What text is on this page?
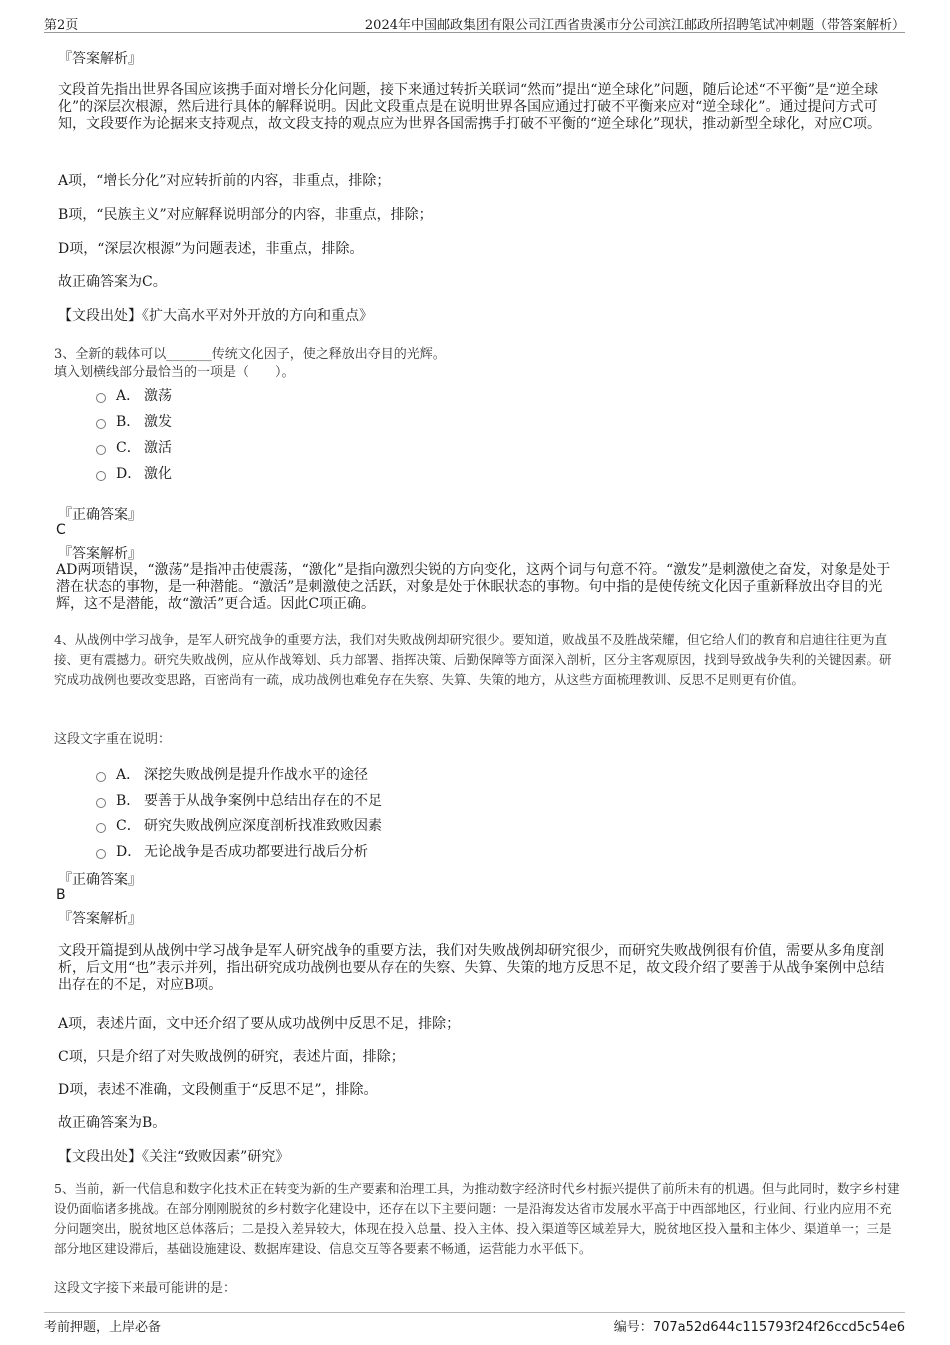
第2页	2024年中国邮政集团有限公司江西省贵溪市分公司滨江邮政所招聘笔试冲刺题（带答案解析）
『答案解析』
文段首先指出世界各国应该携手面对增长分化问题，接下来通过转折关联词“然而”提出“逆全球化”问题，随后论述“不平衡”是“逆全球化”的深层次根源，然后进行具体的解释说明。因此文段重点是在说明世界各国应通过打破不平衡来应对“逆全球化”。通过提问方式可知，文段要作为论据来支持观点，故文段支持的观点应为世界各国需携手打破不平衡的“逆全球化”现状，推动新型全球化，对应C项。
A项，“增长分化”对应转折前的内容，非重点，排除；
B项，“民族主义”对应解释说明部分的内容，非重点，排除；
D项，“深层次根源”为问题表述，非重点，排除。
故正确答案为C。
【文段出处】《扩大高水平对外开放的方向和重点》
3、全新的载体可以_______传统文化因子，使之释放出夺目的光辉。
填入划横线部分最恰当的一项是（　　）。
A． 激荡
B． 激发
C． 激活
D． 激化
『正确答案』
C
『答案解析』
AD两项错误，“激荡”是指冲击使震荡，“激化”是指向激烈尖锐的方向变化，这两个词与句意不符。“激发”是刺激使之奋发，对象是处于潜在状态的事物，是一种潜能。“激活”是刺激使之活跃，对象是处于休眠状态的事物。句中指的是使传统文化因子重新释放出夺目的光辉，这不是潜能，故“激活”更合适。因此C项正确。
4、从战例中学习战争，是军人研究战争的重要方法，我们对失败战例却研究很少。要知道，败战虽不及胜战荣耀，但它给人们的教育和启迪往往更为直接、更有震撼力。研究失败战例，应从作战筹划、兵力部署、指挥决策、后勤保障等方面深入剖析，区分主客观原因，找到导致战争失利的关键因素。研究成功战例也要改变思路，百密尚有一疏，成功战例也难免存在失察、失算、失策的地方，从这些方面梳理教训、反思不足则更有价值。
这段文字重在说明：
A． 深挖失败战例是提升作战水平的途径
B． 要善于从战争案例中总结出存在的不足
C． 研究失败战例应深度剖析找准致败因素
D． 无论战争是否成功都要进行战后分析
『正确答案』
B
『答案解析』
文段开篇提到从战例中学习战争是军人研究战争的重要方法，我们对失败战例却研究很少，而研究失败战例很有价值，需要从多角度剖析，后文用“也”表示并列，指出研究成功战例也要从存在的失察、失算、失策的地方反思不足，故文段介绍了要善于从战争案例中总结出存在的不足，对应B项。
A项，表述片面，文中还介绍了要从成功战例中反思不足，排除；
C项，只是介绍了对失败战例的研究，表述片面，排除；
D项，表述不准确，文段侧重于“反思不足”，排除。
故正确答案为B。
【文段出处】《关注“致败因素”研究》
5、当前，新一代信息和数字化技术正在转变为新的生产要素和治理工具，为推动数字经济时代乡村振兴提供了前所未有的机遇。但与此同时，数字乡村建设仍面临诸多挑战。在部分刚刚脱贫的乡村数字化建设中，还存在以下主要问题：一是沿海发达省市发展水平高于中西部地区，行业间、行业内应用不充分问题突出，脱贫地区总体落后；二是投入差异较大，体现在投入总量、投入主体、投入渠道等区域差异大，脱贫地区投入量和主体少、渠道单一；三是部分地区建设滞后，基础设施建设、数据库建设、信息交互等各要素不畅通，运营能力水平低下。
这段文字接下来最可能讲的是：
考前押题，上岸必备	编号：707a52d644c115793f24f26ccd5c54e6
